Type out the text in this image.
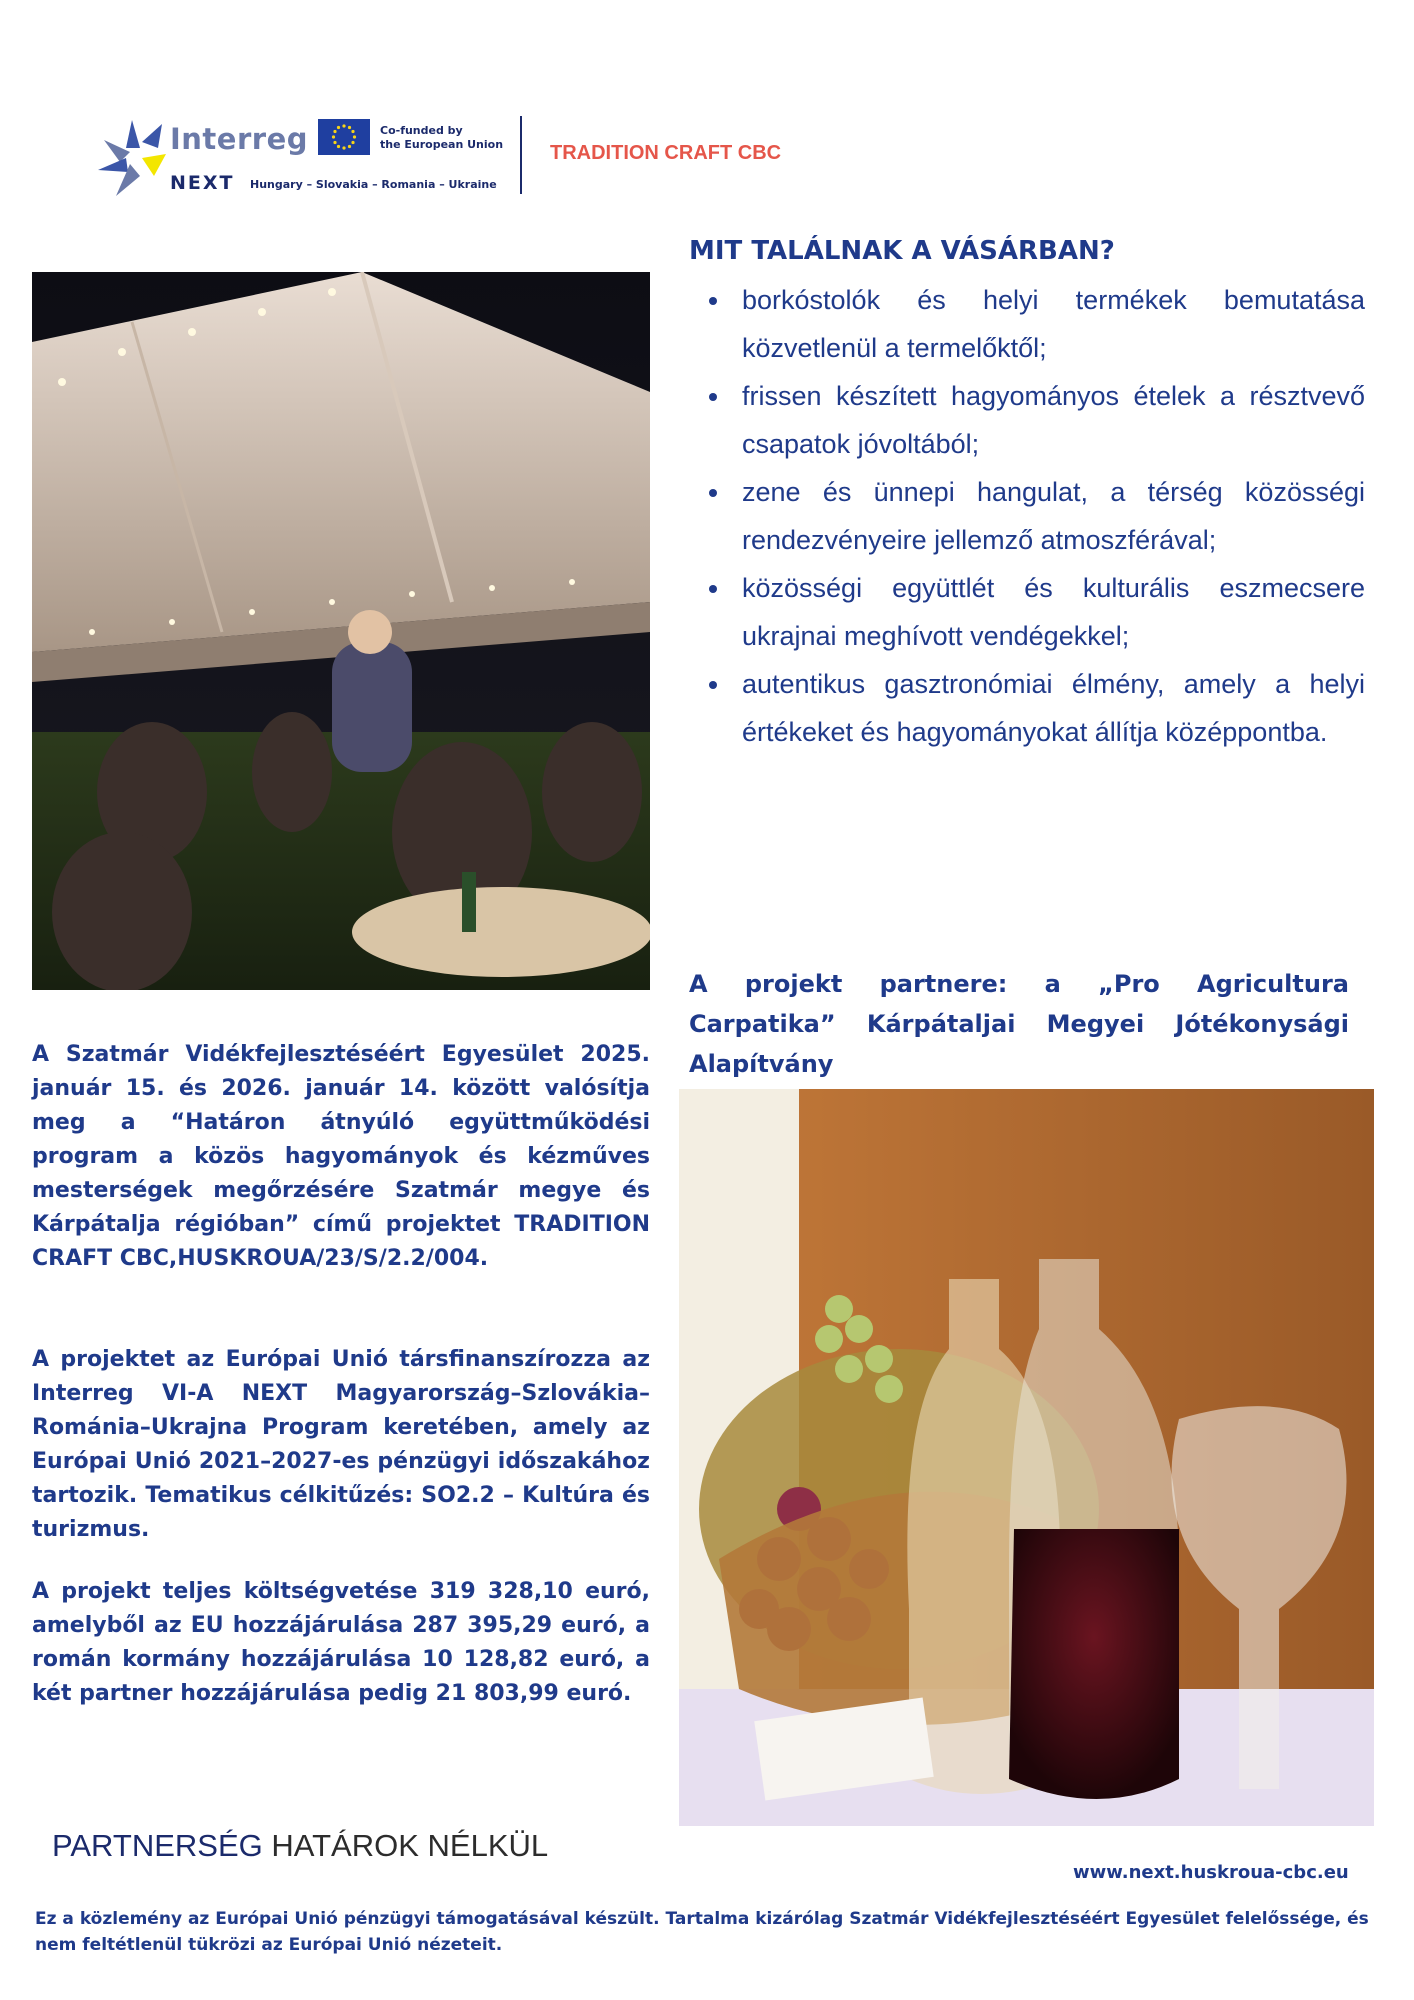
Interreg	Co-funded by
the European Union
NEXT Hungary – Slovakia – Romania – Ukraine
TRADITION CRAFT CBC
MIT TALÁLNAK A VÁSÁRBAN?
borkóstolók és helyi termékek bemutatása közvetlenül a termelőktől;
frissen készített hagyományos ételek a résztvevő csapatok jóvoltából;
zene és ünnepi hangulat, a térség közösségi rendezvényeire jellemző atmoszférával;
közösségi együttlét és kulturális eszmecsere ukrajnai meghívott vendégekkel;
autentikus gasztronómiai élmény, amely a helyi értékeket és hagyományokat állítja középpontba.
A projekt partnere: a „Pro Agricultura Carpatika” Kárpátaljai Megyei Jótékonysági Alapítvány

A Szatmár Vidékfejlesztéséért Egyesület 2025. január 15. és 2026. január 14. között valósítja meg a “Határon átnyúló együttműködési program a közös hagyományok és kézműves mesterségek megőrzésére Szatmár megye és Kárpátalja régióban” című projektet TRADITION CRAFT CBC,HUSKROUA/23/S/2.2/004.

A projektet az Európai Unió társfinanszírozza az Interreg VI-A NEXT Magyarország–Szlovákia–Románia–Ukrajna Program keretében, amely az Európai Unió 2021–2027-es pénzügyi időszakához tartozik. Tematikus célkitűzés: SO2.2 – Kultúra és turizmus.

A projekt teljes költségvetése 319 328,10 euró, amelyből az EU hozzájárulása 287 395,29 euró, a román kormány hozzájárulása 10 128,82 euró, a két partner hozzájárulása pedig 21 803,99 euró.

PARTNERSÉG HATÁROK NÉLKÜL
www.next.huskroua-cbc.eu
Ez a közlemény az Európai Unió pénzügyi támogatásával készült. Tartalma kizárólag Szatmár Vidékfejlesztéséért Egyesület felelőssége, és nem feltétlenül tükrözi az Európai Unió nézeteit.
